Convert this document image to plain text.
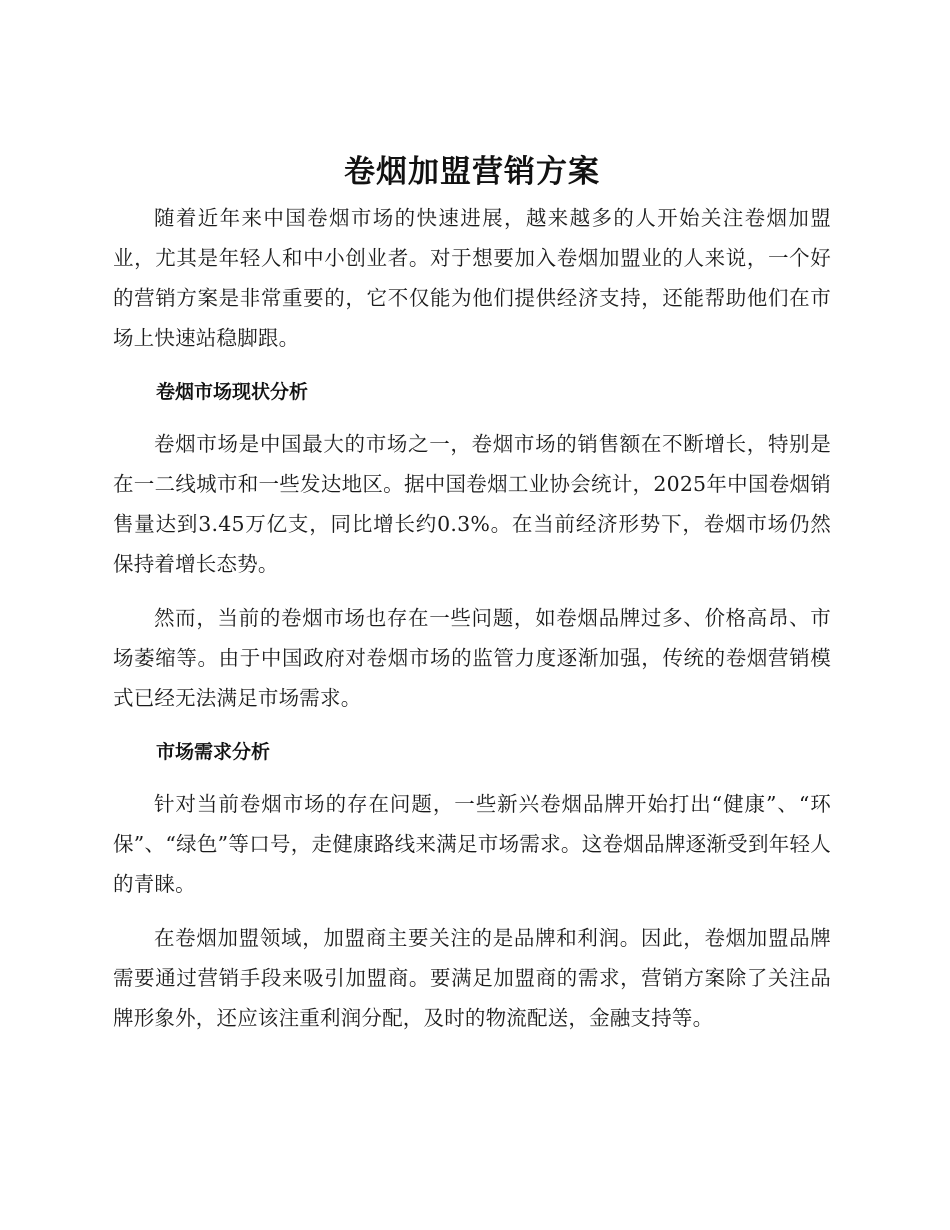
卷烟加盟营销方案

随着近年来中国卷烟市场的快速进展，越来越多的人开始关注卷烟加盟业，尤其是年轻人和中小创业者。对于想要加入卷烟加盟业的人来说，一个好的营销方案是非常重要的，它不仅能为他们提供经济支持，还能帮助他们在市场上快速站稳脚跟。

卷烟市场现状分析

卷烟市场是中国最大的市场之一，卷烟市场的销售额在不断增长，特别是在一二线城市和一些发达地区。据中国卷烟工业协会统计，2025年中国卷烟销售量达到3.45万亿支，同比增长约0.3%。在当前经济形势下，卷烟市场仍然保持着增长态势。

然而，当前的卷烟市场也存在一些问题，如卷烟品牌过多、价格高昂、市场萎缩等。由于中国政府对卷烟市场的监管力度逐渐加强，传统的卷烟营销模式已经无法满足市场需求。

市场需求分析

针对当前卷烟市场的存在问题，一些新兴卷烟品牌开始打出“健康”、“环保”、“绿色”等口号，走健康路线来满足市场需求。这卷烟品牌逐渐受到年轻人的青睐。

在卷烟加盟领域，加盟商主要关注的是品牌和利润。因此，卷烟加盟品牌需要通过营销手段来吸引加盟商。要满足加盟商的需求，营销方案除了关注品牌形象外，还应该注重利润分配，及时的物流配送，金融支持等。
